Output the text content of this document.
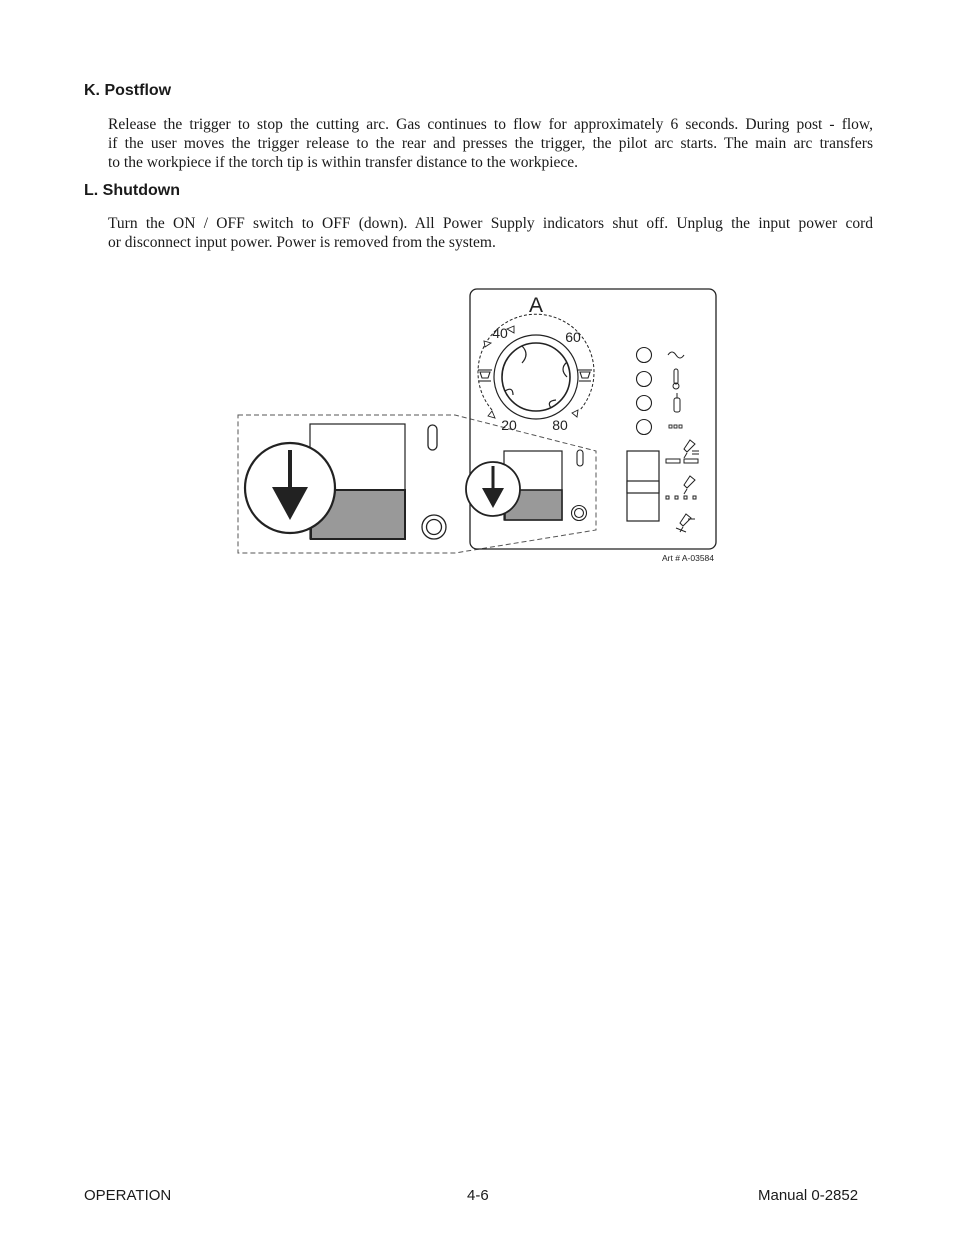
K. Postflow
Release the trigger to stop the cutting arc. Gas continues to flow for approximately 6 seconds. During post - flow,
if the user moves the trigger release to the rear and presses the trigger, the pilot arc starts. The main arc transfers
to the workpiece if the torch tip is within transfer distance to the workpiece.
L. Shutdown
Turn the ON / OFF switch to OFF (down). All Power Supply indicators shut off. Unplug the input power cord
or disconnect input power. Power is removed from the system.
A
40	60
20	80
Art # A-03584
OPERATION	4-6	Manual 0-2852
